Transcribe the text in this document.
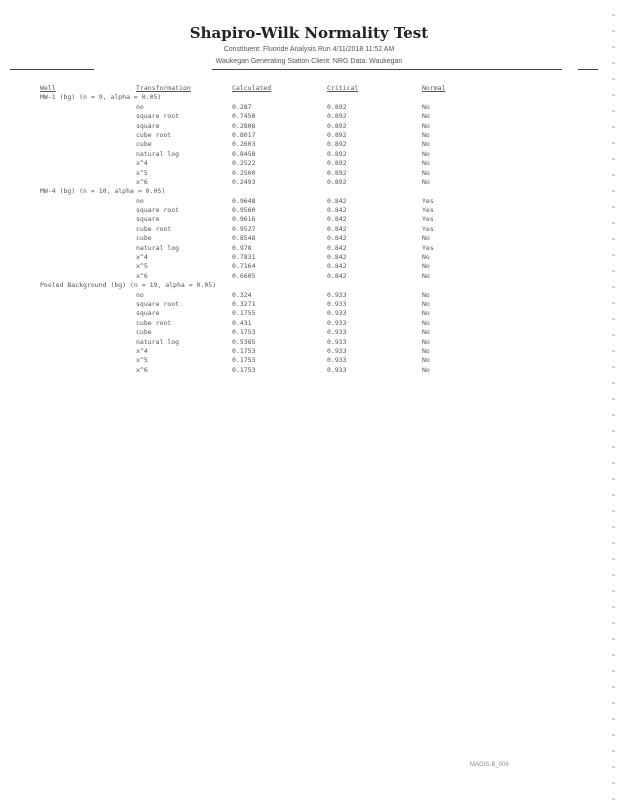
Shapiro-Wilk Normality Test
Constituent: Fluoride Analysis Run 4/11/2018 11:52 AM
Waukegan Generating Station Client: NRG Data: Waukegan
Well	Transformation	Calculated	Critical	Normal
MW-1 (bg) (n = 9, alpha = 0.05)
no	0.287	0.892	No
square root	0.7450	0.892	No
square	0.2808	0.892	No
cube root	0.8017	0.892	No
cube	0.2603	0.892	No
natural log	0.8458	0.892	No
x^4	0.2522	0.892	No
x^5	0.2500	0.892	No
x^6	0.2493	0.892	No
MW-4 (bg) (n = 10, alpha = 0.05)
no	0.9648	0.842	Yes
square root	0.9560	0.842	Yes
square	0.9616	0.842	Yes
cube root	0.9527	0.842	Yes
cube	0.8548	0.842	No
natural log	0.978	0.842	Yes
x^4	0.7831	0.842	No
x^5	0.7164	0.842	No
x^6	0.6605	0.842	No
Pooled Background (bg) (n = 19, alpha = 0.05)
no	0.324	0.933	No
square root	0.3271	0.933	No
square	0.1755	0.933	No
cube root	0.431	0.933	No
cube	0.1753	0.933	No
natural log	0.5385	0.933	No
x^4	0.1753	0.933	No
x^5	0.1753	0.933	No
x^6	0.1753	0.933	No
MAGIS-B_008
